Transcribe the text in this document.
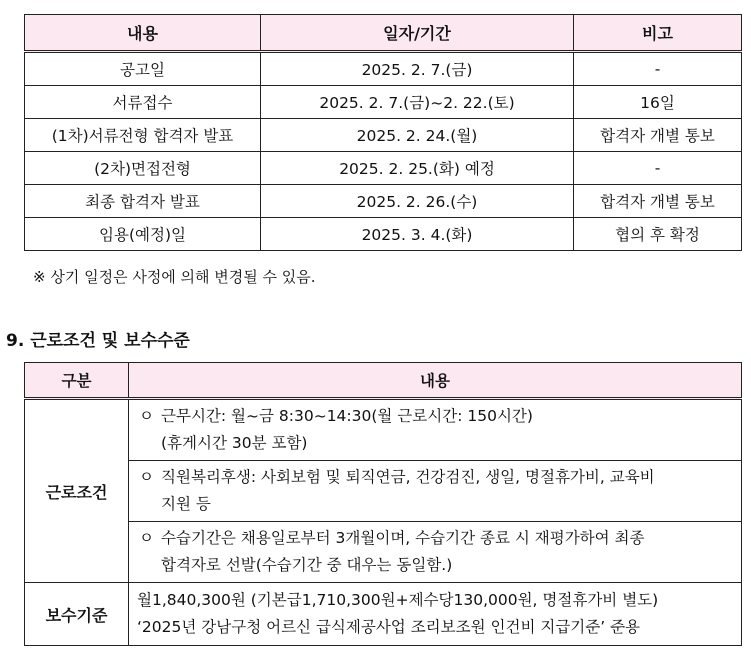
내용	일자/기간	비고
공고일	2025. 2. 7.(금)	-
서류접수	2025. 2. 7.(금)~2. 22.(토)	16일
(1차)서류전형 합격자 발표	2025. 2. 24.(월)	합격자 개별 통보
(2차)면접전형	2025. 2. 25.(화) 예정	-
최종 합격자 발표	2025. 2. 26.(수)	합격자 개별 통보
임용(예정)일	2025. 3. 4.(화)	협의 후 확정
※ 상기 일정은 사정에 의해 변경될 수 있음.
9. 근로조건 및 보수수준
구분	내용
근로조건	ㅇ 근무시간: 월~금 8:30~14:30(월 근로시간: 150시간)
(휴게시간 30분 포함)

	ㅇ 직원복리후생: 사회보험 및 퇴직연금, 건강검진, 생일, 명절휴가비, 교육비
지원 등

	ㅇ 수습기간은 채용일로부터 3개월이며, 수습기간 종료 시 재평가하여 최종
합격자로 선발(수습기간 중 대우는 동일함.)

보수기준	월1,840,300원 (기본급1,710,300원+제수당130,000원, 명절휴가비 별도)
‘2025년 강남구청 어르신 급식제공사업 조리보조원 인건비 지급기준’ 준용
